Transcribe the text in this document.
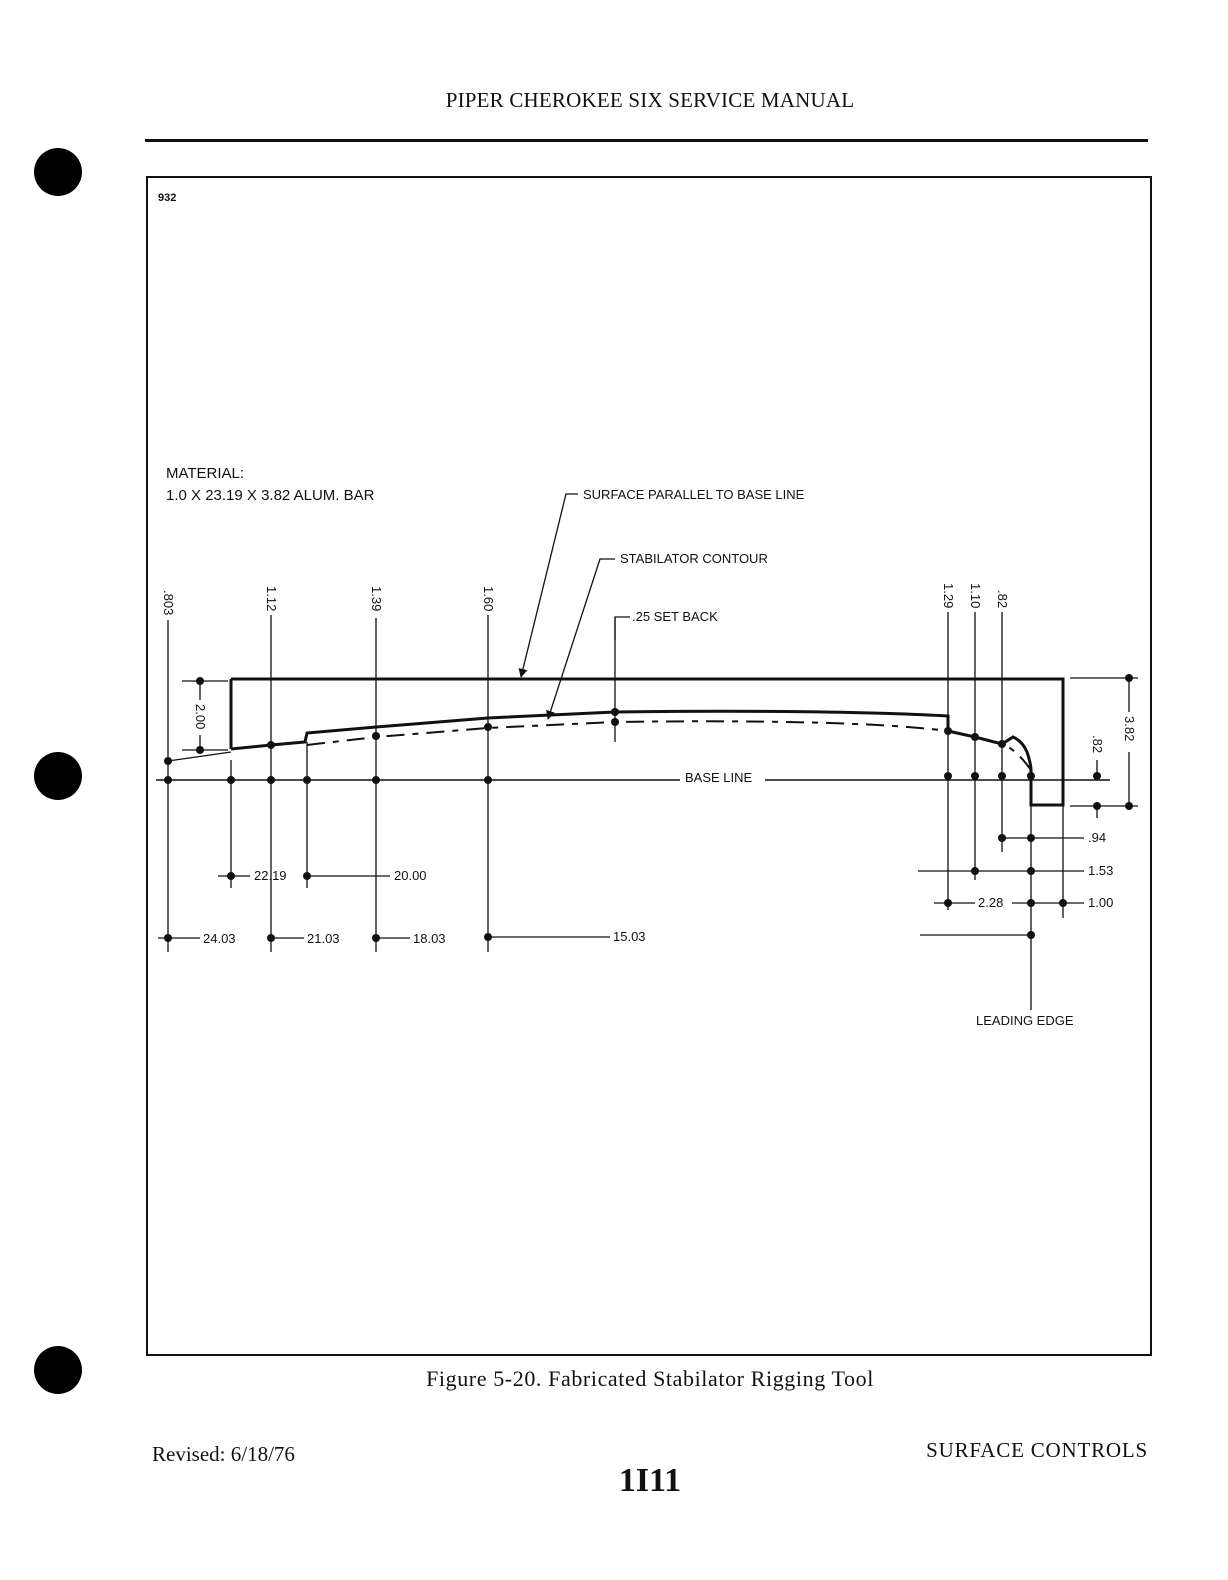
PIPER CHEROKEE SIX SERVICE MANUAL
932
MATERIAL:
1.0 X 23.19 X 3.82 ALUM. BAR
BASE LINE
2.00
.803	1.12	1.39	1.60	1.29 1.10 .82
SURFACE PARALLEL TO BASE LINE
STABILATOR CONTOUR
.25 SET BACK
3.82
.82
22.19	20.00
24.03	21.03	18.03	15.03
.94
1.53
2.28	1.00
LEADING EDGE
Figure 5-20. Fabricated Stabilator Rigging Tool
Revised: 6/18/76	SURFACE CONTROLS
1I11
